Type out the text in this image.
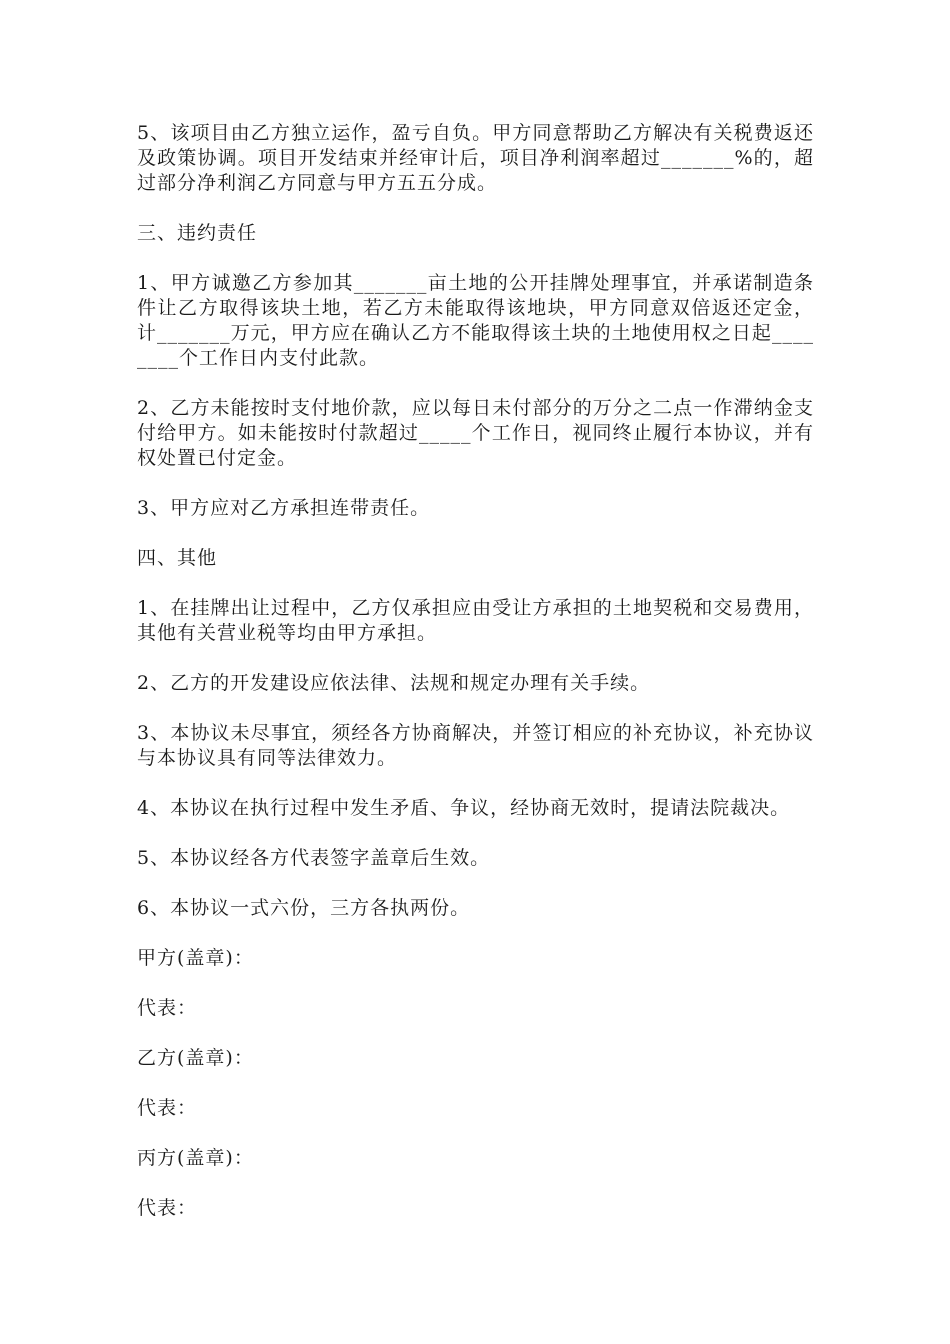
5、该项目由乙方独立运作，盈亏自负。甲方同意帮助乙方解决有关税费返还及政策协调。项目开发结束并经审计后，项目净利润率超过_______%的，超过部分净利润乙方同意与甲方五五分成。

三、违约责任

1、甲方诚邀乙方参加其_______亩土地的公开挂牌处理事宜，并承诺制造条件让乙方取得该块土地，若乙方未能取得该地块，甲方同意双倍返还定金，计_______万元，甲方应在确认乙方不能取得该土块的土地使用权之日起________个工作日内支付此款。

2、乙方未能按时支付地价款，应以每日未付部分的万分之二点一作滞纳金支付给甲方。如未能按时付款超过_____个工作日，视同终止履行本协议，并有权处置已付定金。

3、甲方应对乙方承担连带责任。

四、其他

1、在挂牌出让过程中，乙方仅承担应由受让方承担的土地契税和交易费用，其他有关营业税等均由甲方承担。

2、乙方的开发建设应依法律、法规和规定办理有关手续。

3、本协议未尽事宜，须经各方协商解决，并签订相应的补充协议，补充协议与本协议具有同等法律效力。

4、本协议在执行过程中发生矛盾、争议，经协商无效时，提请法院裁决。

5、本协议经各方代表签字盖章后生效。

6、本协议一式六份，三方各执两份。

甲方(盖章)：

代表：

乙方(盖章)：

代表：

丙方(盖章)：

代表：
